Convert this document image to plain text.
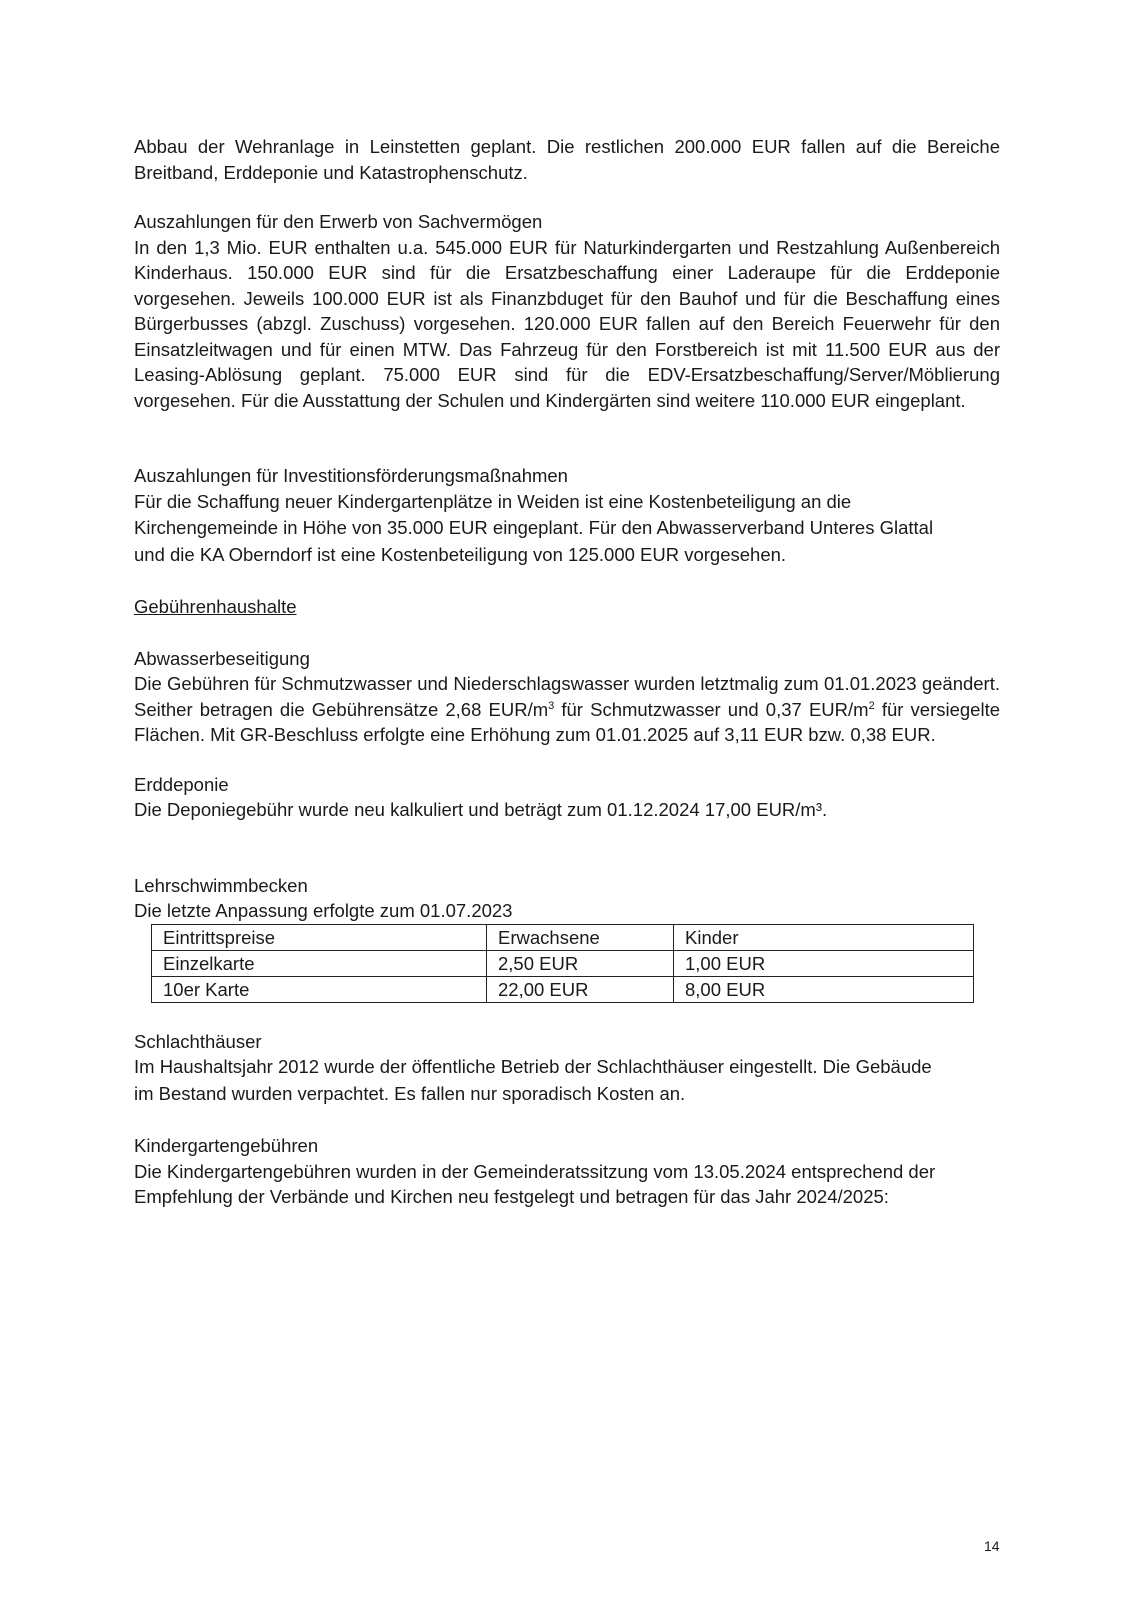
Abbau der Wehranlage in Leinstetten geplant. Die restlichen 200.000 EUR fallen auf die Bereiche Breitband, Erddeponie und Katastrophenschutz.

Auszahlungen für den Erwerb von Sachvermögen

In den 1,3 Mio. EUR enthalten u.a. 545.000 EUR für Naturkindergarten und Restzahlung Außenbereich Kinderhaus. 150.000 EUR sind für die Ersatzbeschaffung einer Laderaupe für die Erddeponie vorgesehen. Jeweils 100.000 EUR ist als Finanzbduget für den Bauhof und für die Beschaffung eines Bürgerbusses (abzgl. Zuschuss) vorgesehen. 120.000 EUR fallen auf den Bereich Feuerwehr für den Einsatzleitwagen und für einen MTW. Das Fahrzeug für den Forstbereich ist mit 11.500 EUR aus der Leasing-Ablösung geplant. 75.000 EUR sind für die EDV-Ersatzbeschaffung/Server/Möblierung vorgesehen. Für die Ausstattung der Schulen und Kindergärten sind weitere 110.000 EUR eingeplant.

Auszahlungen für Investitionsförderungsmaßnahmen

Für die Schaffung neuer Kindergartenplätze in Weiden ist eine Kostenbeteiligung an die
Kirchengemeinde in Höhe von 35.000 EUR eingeplant. Für den Abwasserverband Unteres Glattal
und die KA Oberndorf ist eine Kostenbeteiligung von 125.000 EUR vorgesehen.

Gebührenhaushalte

Abwasserbeseitigung

Die Gebühren für Schmutzwasser und Niederschlagswasser wurden letztmalig zum 01.01.2023 geändert. Seither betragen die Gebührensätze 2,68 EUR/$m^3$ für Schmutzwasser und 0,37 EUR/$m^2$ für versiegelte Flächen. Mit GR-Beschluss erfolgte eine Erhöhung zum 01.01.2025 auf 3,11 EUR bzw. 0,38 EUR.

Erddeponie

Die Deponiegebühr wurde neu kalkuliert und beträgt zum 01.12.2024 17,00 EUR/m³.

Lehrschwimmbecken

Die letzte Anpassung erfolgte zum 01.07.2023

Eintrittspreise	Erwachsene	Kinder
Einzelkarte	2,50 EUR	1,00 EUR
10er Karte	22,00 EUR	8,00 EUR

Schlachthäuser

Im Haushaltsjahr 2012 wurde der öffentliche Betrieb der Schlachthäuser eingestellt. Die Gebäude
im Bestand wurden verpachtet. Es fallen nur sporadisch Kosten an.

Kindergartengebühren

Die Kindergartengebühren wurden in der Gemeinderatssitzung vom 13.05.2024 entsprechend der Empfehlung der Verbände und Kirchen neu festgelegt und betragen für das Jahr 2024/2025:

14
